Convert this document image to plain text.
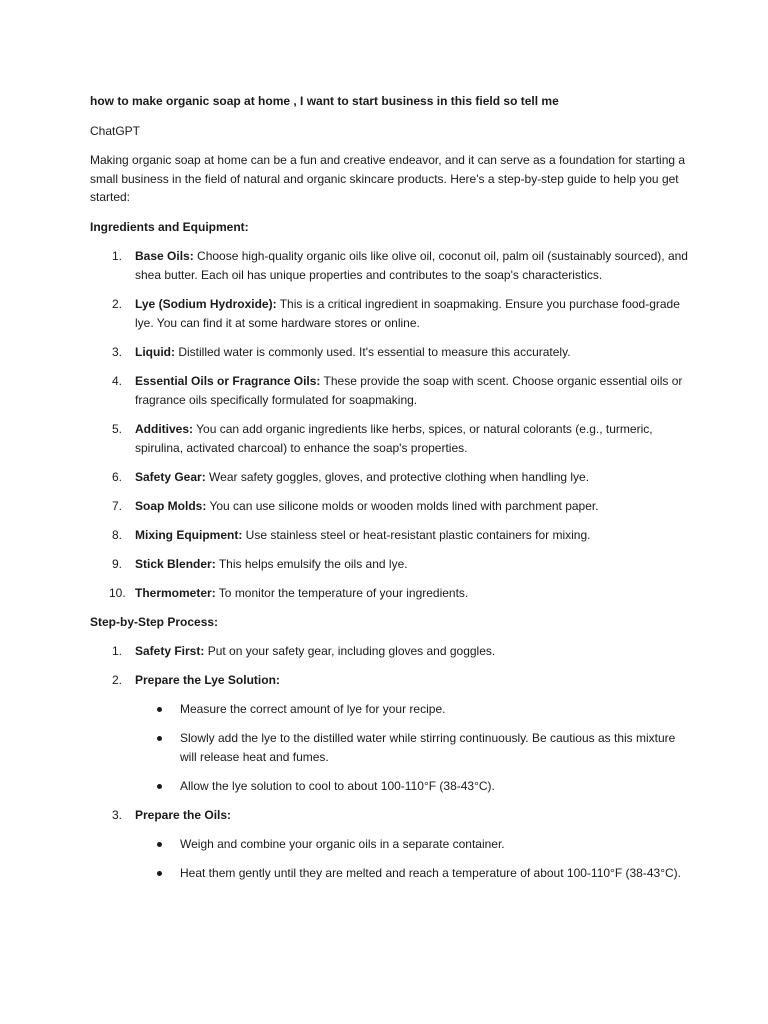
how to make organic soap at home , I want to start business in this field so tell me

ChatGPT

Making organic soap at home can be a fun and creative endeavor, and it can serve as a foundation for starting a small business in the field of natural and organic skincare products. Here's a step-by-step guide to help you get started:

Ingredients and Equipment:

1. Base Oils: Choose high-quality organic oils like olive oil, coconut oil, palm oil (sustainably sourced), and shea butter. Each oil has unique properties and contributes to the soap's characteristics.
2. Lye (Sodium Hydroxide): This is a critical ingredient in soapmaking. Ensure you purchase food-grade lye. You can find it at some hardware stores or online.
3. Liquid: Distilled water is commonly used. It's essential to measure this accurately.
4. Essential Oils or Fragrance Oils: These provide the soap with scent. Choose organic essential oils or fragrance oils specifically formulated for soapmaking.
5. Additives: You can add organic ingredients like herbs, spices, or natural colorants (e.g., turmeric, spirulina, activated charcoal) to enhance the soap's properties.
6. Safety Gear: Wear safety goggles, gloves, and protective clothing when handling lye.
7. Soap Molds: You can use silicone molds or wooden molds lined with parchment paper.
8. Mixing Equipment: Use stainless steel or heat-resistant plastic containers for mixing.
9. Stick Blender: This helps emulsify the oils and lye.
10. Thermometer: To monitor the temperature of your ingredients.

Step-by-Step Process:

1. Safety First: Put on your safety gear, including gloves and goggles.
2. Prepare the Lye Solution:
Measure the correct amount of lye for your recipe.
Slowly add the lye to the distilled water while stirring continuously. Be cautious as this mixture will release heat and fumes.
Allow the lye solution to cool to about 100-110°F (38-43°C).
3. Prepare the Oils:
Weigh and combine your organic oils in a separate container.
Heat them gently until they are melted and reach a temperature of about 100-110°F (38-43°C).
